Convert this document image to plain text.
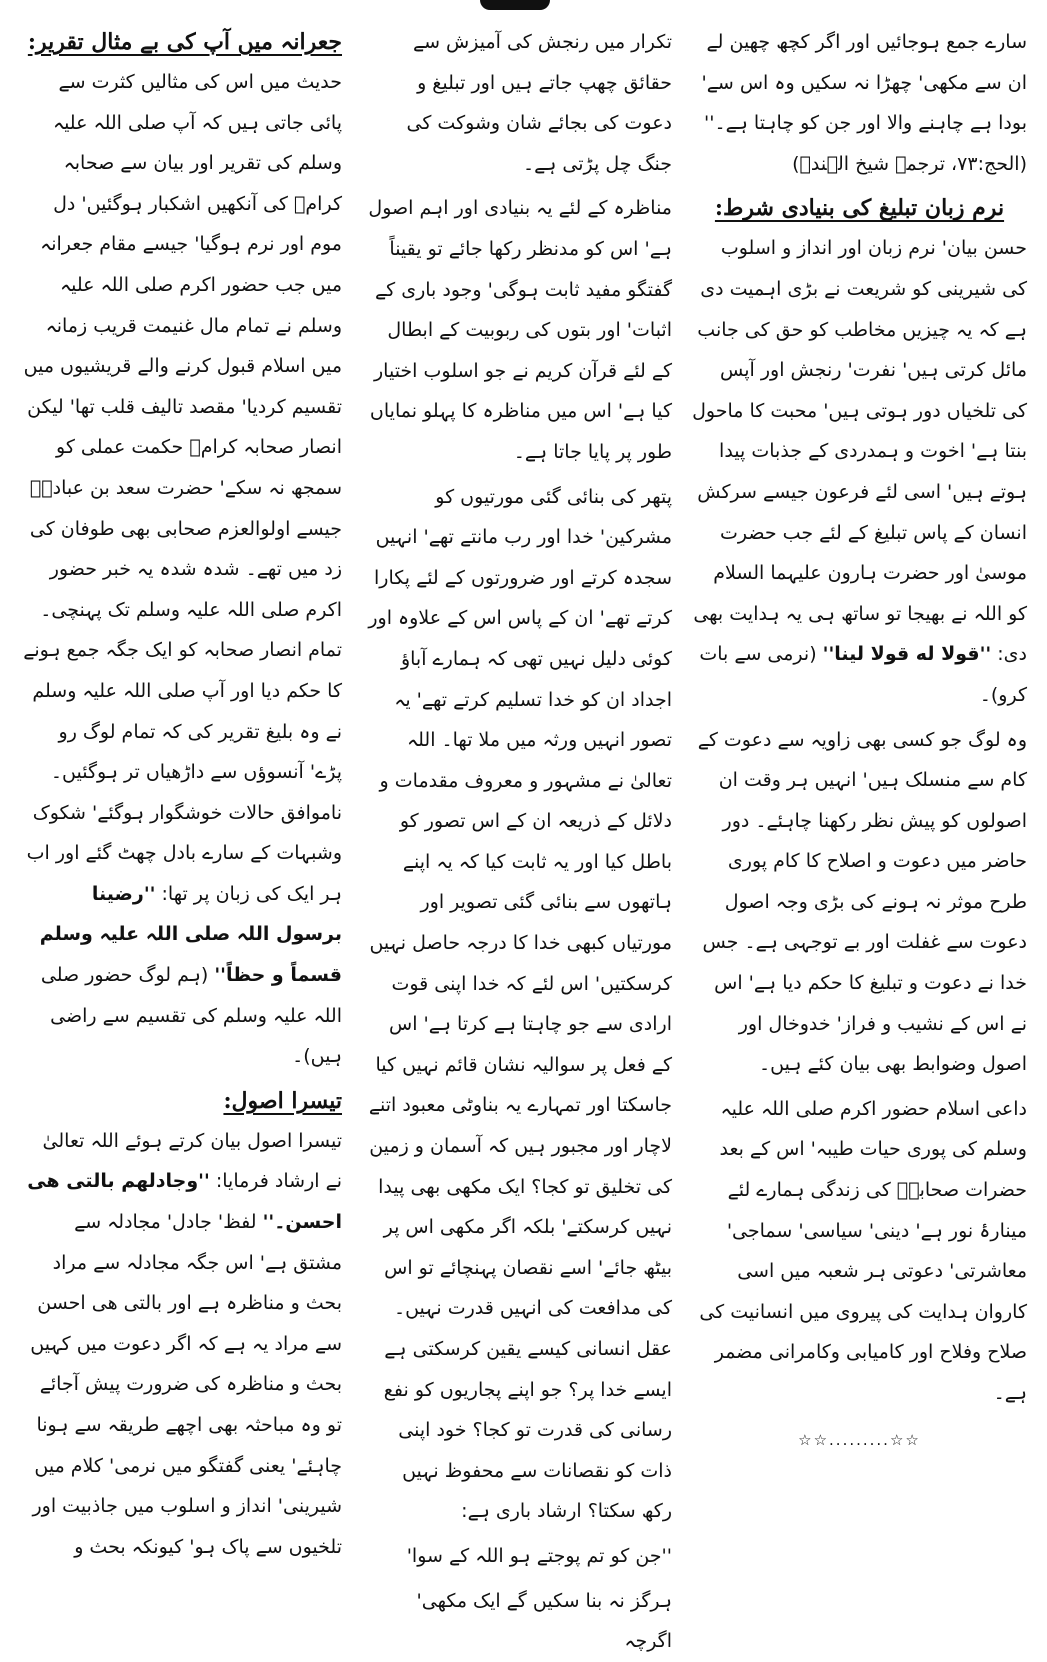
جعرانہ میں آپ کی بے مثال تقریر:

حدیث میں اس کی مثالیں کثرت سے پائی جاتی ہیں کہ آپ صلی اللہ علیہ وسلم کی تقریر اور بیان سے صحابہ کرامؓ کی آنکھیں اشکبار ہوگئیں' دل موم اور نرم ہوگیا' جیسے مقام جعرانہ میں جب حضور اکرم صلی اللہ علیہ وسلم نے تمام مال غنیمت قریب زمانہ میں اسلام قبول کرنے والے قریشیوں میں تقسیم کردیا' مقصد تالیف قلب تھا' لیکن انصار صحابہ کرامؓ حکمت عملی کو سمجھ نہ سکے' حضرت سعد بن عبادہؓ جیسے اولوالعزم صحابی بھی طوفان کی زد میں تھے۔ شدہ شدہ یہ خبر حضور اکرم صلی اللہ علیہ وسلم تک پہنچی۔ تمام انصار صحابہ کو ایک جگہ جمع ہونے کا حکم دیا اور آپ صلی اللہ علیہ وسلم نے وہ بلیغ تقریر کی کہ تمام لوگ رو پڑے' آنسوؤں سے داڑھیاں تر ہوگئیں۔ ناموافق حالات خوشگوار ہوگئے' شکوک وشبہات کے سارے بادل چھٹ گئے اور اب ہر ایک کی زبان پر تھا: ''رضینا برسول اللہ صلی اللہ علیہ وسلم قسماً و حظاً'' (ہم لوگ حضور صلی اللہ علیہ وسلم کی تقسیم سے راضی ہیں)۔

تیسرا اصول:

تیسرا اصول بیان کرتے ہوئے اللہ تعالیٰ نے ارشاد فرمایا: ''وجادلهم بالتی هی احسن۔'' لفظ' جادل' مجادلہ سے مشتق ہے' اس جگہ مجادلہ سے مراد بحث و مناظرہ ہے اور بالتی هی احسن سے مراد یہ ہے کہ اگر دعوت میں کہیں بحث و مناظرہ کی ضرورت پیش آجائے تو وہ مباحثہ بھی اچھے طریقہ سے ہونا چاہئے' یعنی گفتگو میں نرمی' کلام میں شیرینی' انداز و اسلوب میں جاذبیت اور تلخیوں سے پاک ہو' کیونکہ بحث و

تکرار میں رنجش کی آمیزش سے حقائق چھپ جاتے ہیں اور تبلیغ و دعوت کی بجائے شان وشوکت کی جنگ چل پڑتی ہے۔

مناظرہ کے لئے یہ بنیادی اور اہم اصول ہے' اس کو مدنظر رکھا جائے تو یقیناً گفتگو مفید ثابت ہوگی' وجود باری کے اثبات' اور بتوں کی ربوبیت کے ابطال کے لئے قرآن کریم نے جو اسلوب اختیار کیا ہے' اس میں مناظرہ کا پہلو نمایاں طور پر پایا جاتا ہے۔

پتھر کی بنائی گئی مورتیوں کو مشرکین' خدا اور رب مانتے تھے' انہیں سجدہ کرتے اور ضرورتوں کے لئے پکارا کرتے تھے' ان کے پاس اس کے علاوہ اور کوئی دلیل نہیں تھی کہ ہمارے آباؤ اجداد ان کو خدا تسلیم کرتے تھے' یہ تصور انہیں ورثہ میں ملا تھا۔ اللہ تعالیٰ نے مشہور و معروف مقدمات و دلائل کے ذریعہ ان کے اس تصور کو باطل کیا اور یہ ثابت کیا کہ یہ اپنے ہاتھوں سے بنائی گئی تصویر اور مورتیاں کبھی خدا کا درجہ حاصل نہیں کرسکتیں' اس لئے کہ خدا اپنی قوت ارادی سے جو چاہتا ہے کرتا ہے' اس کے فعل پر سوالیہ نشان قائم نہیں کیا جاسکتا اور تمہارے یہ بناوٹی معبود اتنے لاچار اور مجبور ہیں کہ آسمان و زمین کی تخلیق تو کجا؟ ایک مکھی بھی پیدا نہیں کرسکتے' بلکہ اگر مکھی اس پر بیٹھ جائے' اسے نقصان پہنچائے تو اس کی مدافعت کی انہیں قدرت نہیں۔ عقل انسانی کیسے یقین کرسکتی ہے ایسے خدا پر؟ جو اپنے پجاریوں کو نفع رسانی کی قدرت تو کجا؟ خود اپنی ذات کو نقصانات سے محفوظ نہیں رکھ سکتا؟ ارشاد باری ہے:

''جن کو تم پوجتے ہو اللہ کے سوا'

ہرگز نہ بنا سکیں گے ایک مکھی' اگرچہ

سارے جمع ہوجائیں اور اگر کچھ چھین لے ان سے مکھی' چھڑا نہ سکیں وہ اس سے' بودا ہے چاہنے والا اور جن کو چاہتا ہے۔'' (الحج:۷۳، ترجمہ شیخ الہندؒ)

نرم زبان تبلیغ کی بنیادی شرط:

حسن بیان' نرم زبان اور انداز و اسلوب کی شیرینی کو شریعت نے بڑی اہمیت دی ہے کہ یہ چیزیں مخاطب کو حق کی جانب مائل کرتی ہیں' نفرت' رنجش اور آپس کی تلخیاں دور ہوتی ہیں' محبت کا ماحول بنتا ہے' اخوت و ہمدردی کے جذبات پیدا ہوتے ہیں' اسی لئے فرعون جیسے سرکش انسان کے پاس تبلیغ کے لئے جب حضرت موسیٰ اور حضرت ہارون علیہما السلام کو اللہ نے بھیجا تو ساتھ ہی یہ ہدایت بھی دی: ''قولا له قولا لینا'' (نرمی سے بات کرو)۔

وہ لوگ جو کسی بھی زاویہ سے دعوت کے کام سے منسلک ہیں' انہیں ہر وقت ان اصولوں کو پیش نظر رکھنا چاہئے۔ دور حاضر میں دعوت و اصلاح کا کام پوری طرح موثر نہ ہونے کی بڑی وجہ اصول دعوت سے غفلت اور بے توجہی ہے۔ جس خدا نے دعوت و تبلیغ کا حکم دیا ہے' اس نے اس کے نشیب و فراز' خدوخال اور اصول وضوابط بھی بیان کئے ہیں۔

داعی اسلام حضور اکرم صلی اللہ علیہ وسلم کی پوری حیات طیبہ' اس کے بعد حضرات صحابہؓ کی زندگی ہمارے لئے مینارۂ نور ہے' دینی' سیاسی' سماجی' معاشرتی' دعوتی ہر شعبہ میں اسی کاروان ہدایت کی پیروی میں انسانیت کی صلاح وفلاح اور کامیابی وکامرانی مضمر ہے۔

☆☆.........☆☆
